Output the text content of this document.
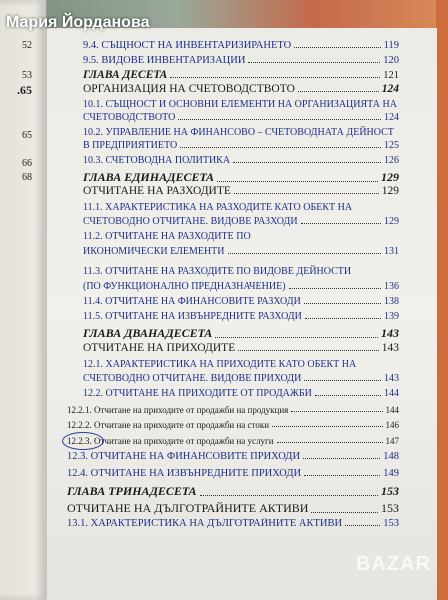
52
53
.65
65
66
68
9.4. СЪЩНОСТ НА ИНВЕНТАРИЗИРАНЕТО	119
9.5. ВИДОВЕ ИНВЕНТАРИЗАЦИИ	120
ГЛАВА ДЕСЕТА	121
ОРГАНИЗАЦИЯ НА СЧЕТОВОДСТВОТО	124
10.1. СЪЩНОСТ И ОСНОВНИ ЕЛЕМЕНТИ НА ОРГАНИЗАЦИЯТА НА
СЧЕТОВОДСТВОТО	124
10.2. УПРАВЛЕНИЕ НА ФИНАНСОВО – СЧЕТОВОДНАТА ДЕЙНОСТ
В ПРЕДПРИЯТИЕТО	125
10.3. СЧЕТОВОДНА ПОЛИТИКА	126
ГЛАВА ЕДИНАДЕСЕТА	129
ОТЧИТАНЕ НА РАЗХОДИТЕ	129
11.1. ХАРАКТЕРИСТИКА НА РАЗХОДИТЕ КАТО ОБЕКТ НА
СЧЕТОВОДНО ОТЧИТАНЕ. ВИДОВЕ РАЗХОДИ	129
11.2. ОТЧИТАНЕ НА РАЗХОДИТЕ ПО
ИКОНОМИЧЕСКИ ЕЛЕМЕНТИ	131
11.3. ОТЧИТАНЕ НА РАЗХОДИТЕ ПО ВИДОВЕ ДЕЙНОСТИ
(ПО ФУНКЦИОНАЛНО ПРЕДНАЗНАЧЕНИЕ)	136
11.4. ОТЧИТАНЕ НА ФИНАНСОВИТЕ РАЗХОДИ	138
11.5. ОТЧИТАНЕ НА ИЗВЪНРЕДНИТЕ РАЗХОДИ	139
ГЛАВА ДВАНАДЕСЕТА	143
ОТЧИТАНЕ НА ПРИХОДИТЕ	143
12.1. ХАРАКТЕРИСТИКА НА ПРИХОДИТЕ КАТО ОБЕКТ НА
СЧЕТОВОДНО ОТЧИТАНЕ. ВИДОВЕ ПРИХОДИ	143
12.2. ОТЧИТАНЕ НА ПРИХОДИТЕ ОТ ПРОДАЖБИ	144
12.2.1. Отчитане на приходите от продажби на продукция	144
12.2.2. Отчитане на приходите от продажби на стоки	146
12.2.3. Отчитане на приходите от продажби на услуги	147
12.3. ОТЧИТАНЕ НА ФИНАНСОВИТЕ ПРИХОДИ	148
12.4. ОТЧИТАНЕ НА ИЗВЪНРЕДНИТЕ ПРИХОДИ	149
ГЛАВА ТРИНАДЕСЕТА	153
ОТЧИТАНЕ НА ДЪЛГОТРАЙНИТЕ АКТИВИ	153
13.1. ХАРАКТЕРИСТИКА НА ДЪЛГОТРАЙНИТЕ АКТИВИ	153
Мария Йорданова
BAZAR
